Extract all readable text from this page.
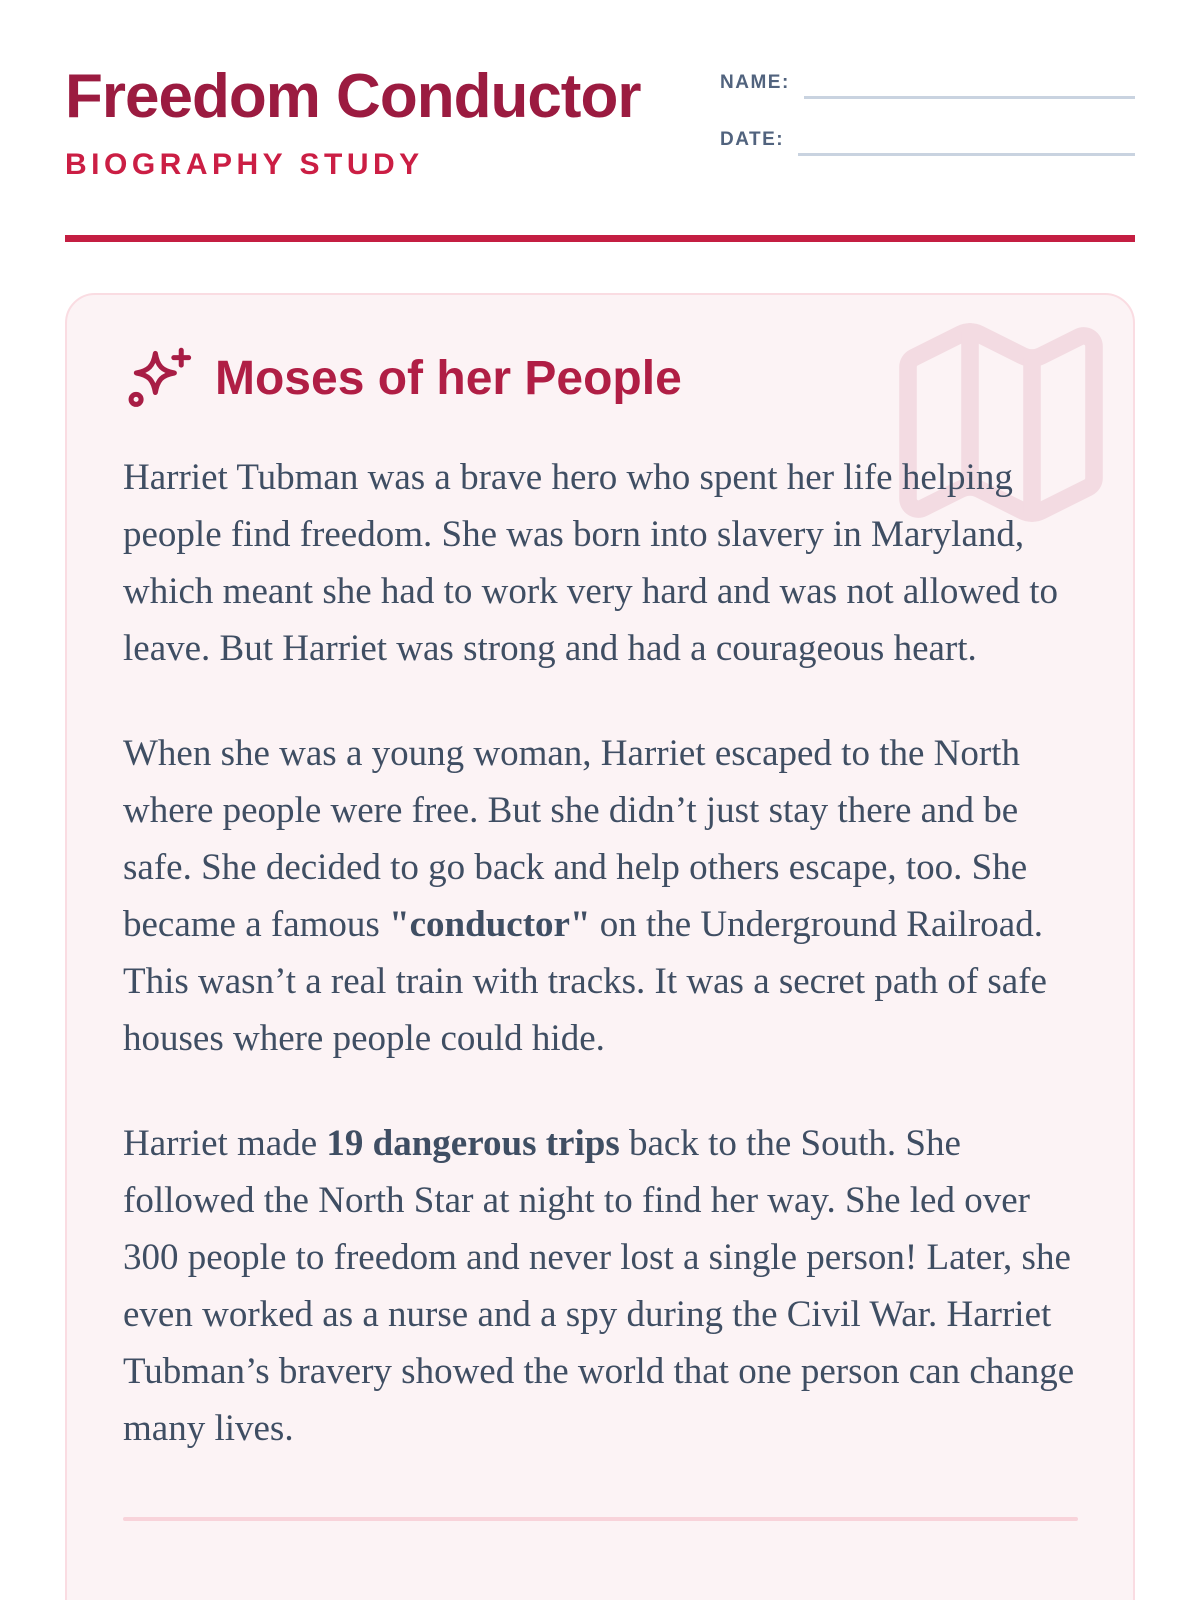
Freedom Conductor
BIOGRAPHY STUDY
NAME:
DATE:
Moses of her People

Harriet Tubman was a brave hero who spent her life helping people find freedom. She was born into slavery in Maryland, which meant she had to work very hard and was not allowed to leave. But Harriet was strong and had a courageous heart.

When she was a young woman, Harriet escaped to the North where people were free. But she didn’t just stay there and be safe. She decided to go back and help others escape, too. She became a famous "conductor" on the Underground Railroad. This wasn’t a real train with tracks. It was a secret path of safe houses where people could hide.

Harriet made 19 dangerous trips back to the South. She followed the North Star at night to find her way. She led over 300 people to freedom and never lost a single person! Later, she even worked as a nurse and a spy during the Civil War. Harriet Tubman’s bravery showed the world that one person can change many lives.
